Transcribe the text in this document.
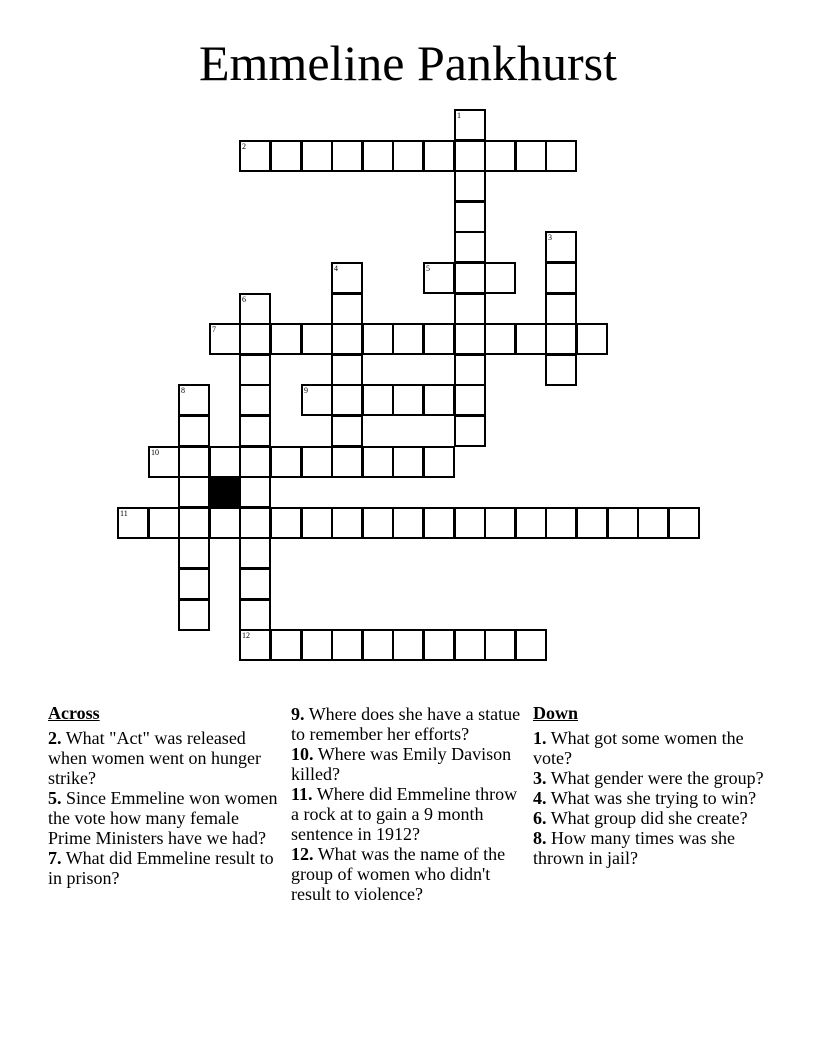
Emmeline Pankhurst
1
2
3
4	5
6
12
7
8	9
10
11
Across
2. What "Act" was released when women went on hunger strike?
5. Since Emmeline won women the vote how many female Prime Ministers have we had?
7. What did Emmeline result to in prison?
9. Where does she have a statue to remember her efforts?
10. Where was Emily Davison killed?
11. Where did Emmeline throw a rock at to gain a 9 month sentence in 1912?
12. What was the name of the group of women who didn't result to violence?
Down
1. What got some women the vote?
3. What gender were the group?
4. What was she trying to win?
6. What group did she create?
8. How many times was she thrown in jail?
